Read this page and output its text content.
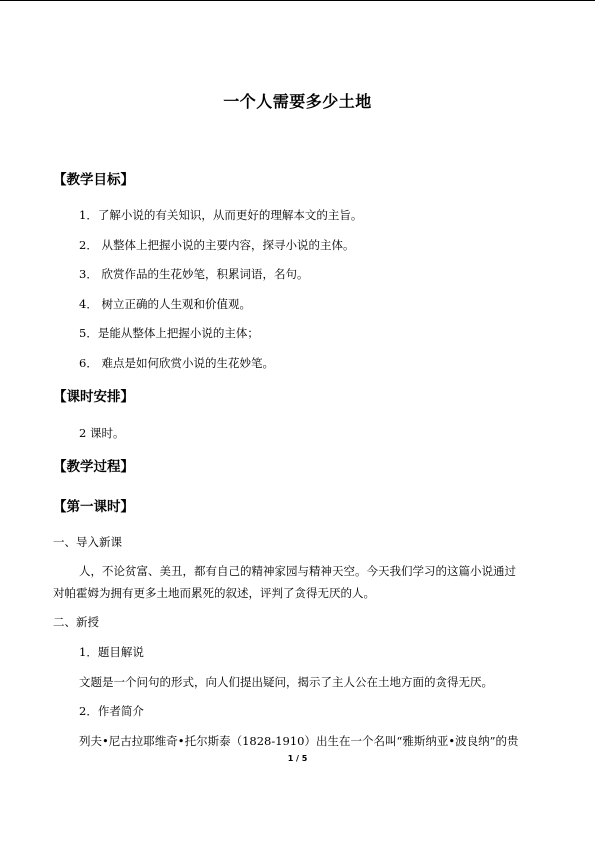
一个人需要多少土地
【教学目标】
1．了解小说的有关知识，从而更好的理解本文的主旨。
2． 从整体上把握小说的主要内容，探寻小说的主体。
3． 欣赏作品的生花妙笔，积累词语，名句。
4． 树立正确的人生观和价值观。
5．是能从整体上把握小说的主体；
6． 难点是如何欣赏小说的生花妙笔。
【课时安排】
2 课时。
【教学过程】
【第一课时】
一、导入新课
人，不论贫富、美丑，都有自己的精神家园与精神天空。今天我们学习的这篇小说通过
对帕霍姆为拥有更多土地而累死的叙述，评判了贪得无厌的人。
二、新授
1．题目解说
文题是一个问句的形式，向人们提出疑问，揭示了主人公在土地方面的贪得无厌。
2．作者简介
列夫•尼古拉耶维奇•托尔斯泰（1828-1910）出生在一个名叫“雅斯纳亚•波良纳”的贵
1 / 5
